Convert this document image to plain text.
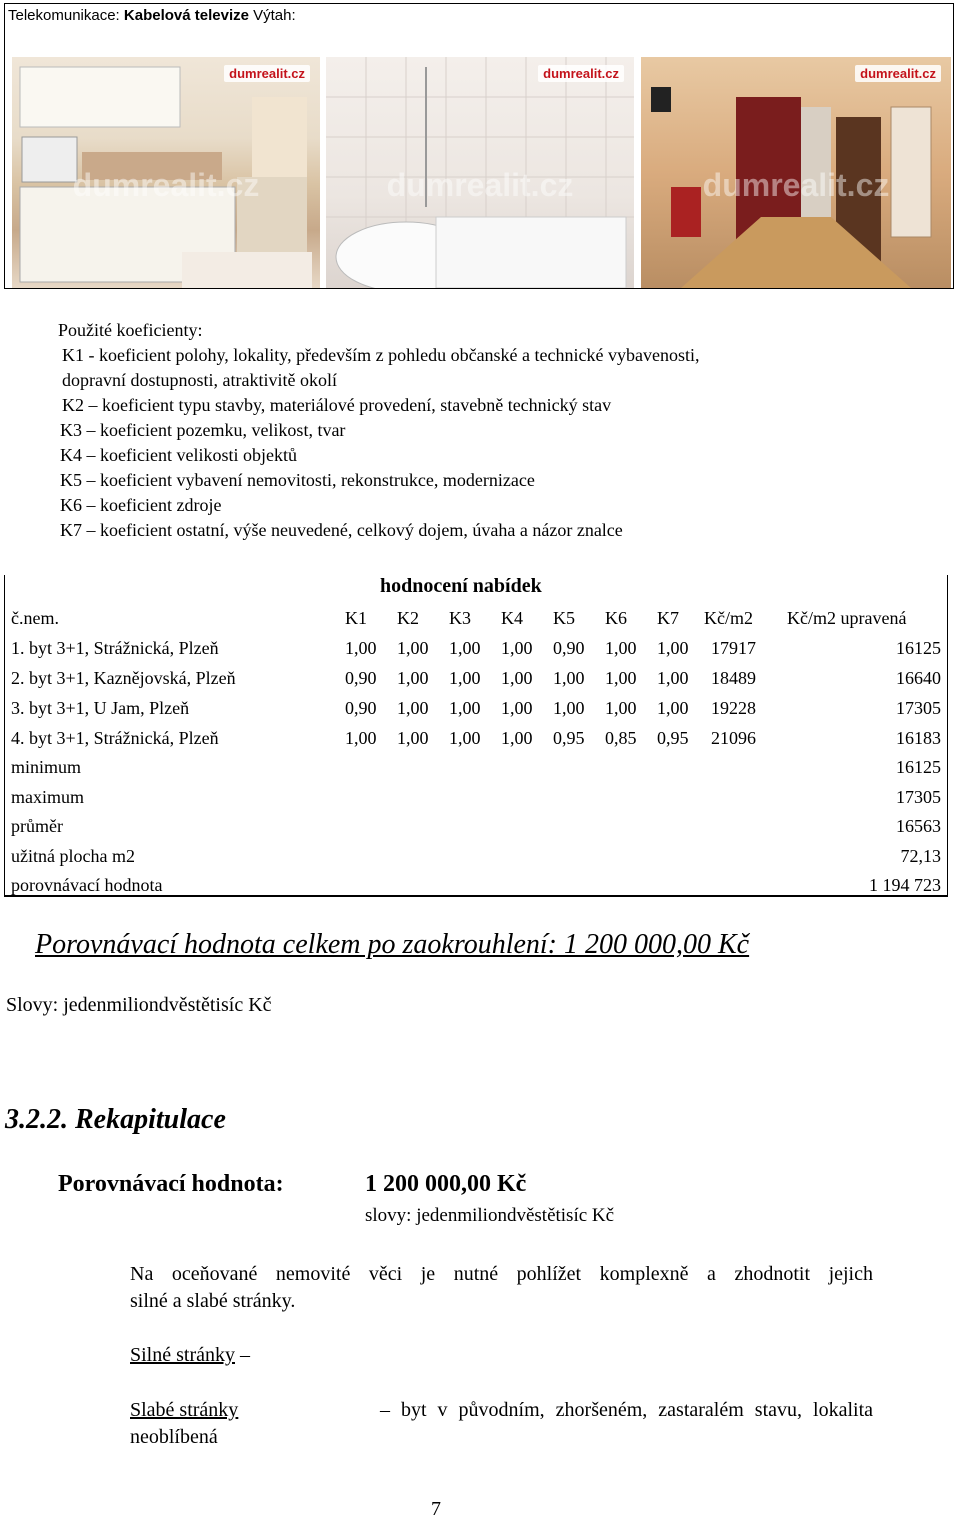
Telekomunikace: Kabelová televize Výtah:
dumrealit.cz
dumrealit.cz
dumrealit.cz
dumrealit.cz
dumrealit.cz
dumrealit.cz
Použité koeficienty:
K1 - koeficient polohy, lokality, především z pohledu občanské a technické vybavenosti,
dopravní dostupnosti, atraktivitě okolí
K2 – koeficient typu stavby, materiálové provedení, stavebně technický stav
K3 – koeficient pozemku, velikost, tvar
K4 – koeficient velikosti objektů
K5 – koeficient vybavení nemovitosti, rekonstrukce, modernizace
K6 – koeficient zdroje
K7 – koeficient ostatní, výše neuvedené, celkový dojem, úvaha a názor znalce
hodnocení nabídek
č.nem.	K1 K2 K3 K4 K5 K6 K7 Kč/m2 Kč/m2 upravená
1. byt 3+1, Strážnická, Plzeň	1,00 1,00 1,00 1,00 0,90 1,00 1,00 17917	16125
2. byt 3+1, Kaznějovská, Plzeň	0,90 1,00 1,00 1,00 1,00 1,00 1,00 18489	16640
3. byt 3+1, U Jam, Plzeň	0,90 1,00 1,00 1,00 1,00 1,00 1,00 19228	17305
4. byt 3+1, Strážnická, Plzeň	1,00 1,00 1,00 1,00 0,95 0,85 0,95 21096	16183
minimum	16125
maximum	17305
průměr	16563
užitná plocha m2	72,13
porovnávací hodnota	1 194 723
Porovnávací hodnota celkem po zaokrouhlení: 1 200 000,00 Kč
Slovy: jedenmiliondvěstětisíc Kč
3.2.2. Rekapitulace
Porovnávací hodnota:	1 200 000,00 Kč
slovy: jedenmiliondvěstětisíc Kč
Na oceňované nemovité věci je nutné pohlížet komplexně a zhodnotit jejich
silné a slabé stránky.
Silné stránky –
Slabé stránky	– byt v původním, zhoršeném, zastaralém stavu, lokalita
neoblíbená
7
